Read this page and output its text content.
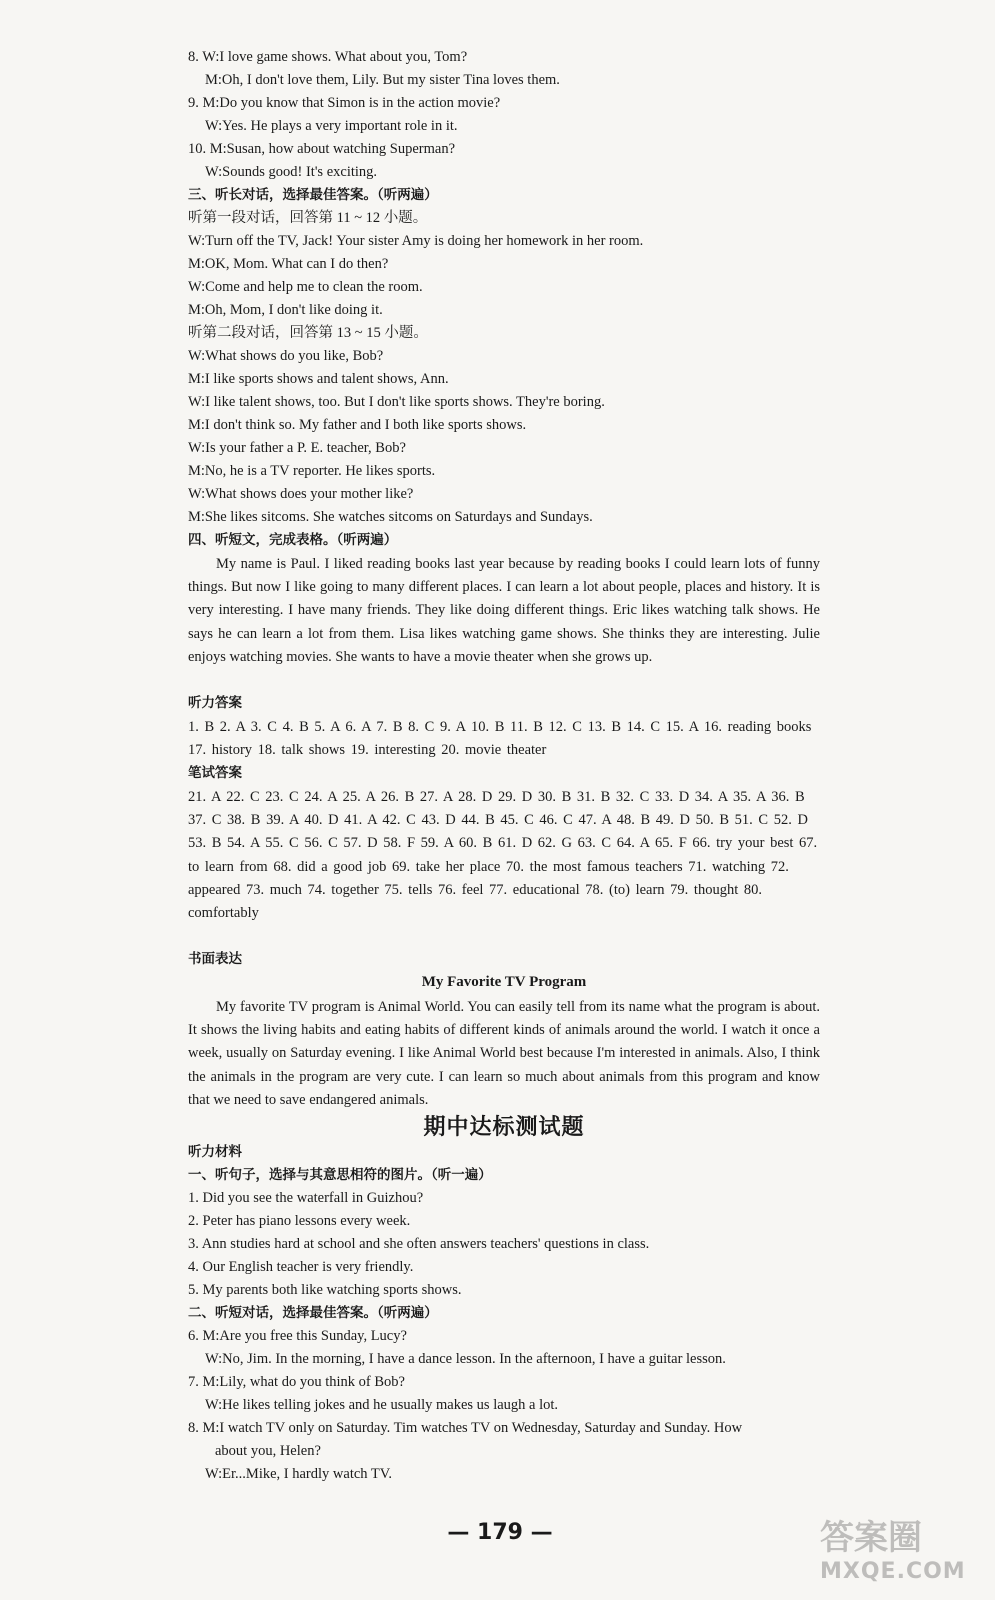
8. W:I love game shows. What about you, Tom?
M:Oh, I don't love them, Lily. But my sister Tina loves them.
9. M:Do you know that Simon is in the action movie?
W:Yes. He plays a very important role in it.
10. M:Susan, how about watching Superman?
W:Sounds good! It's exciting.
三、听长对话，选择最佳答案。（听两遍）
听第一段对话，回答第 11 ~ 12 小题。
W:Turn off the TV, Jack! Your sister Amy is doing her homework in her room.
M:OK, Mom. What can I do then?
W:Come and help me to clean the room.
M:Oh, Mom, I don't like doing it.
听第二段对话，回答第 13 ~ 15 小题。
W:What shows do you like, Bob?
M:I like sports shows and talent shows, Ann.
W:I like talent shows, too. But I don't like sports shows. They're boring.
M:I don't think so. My father and I both like sports shows.
W:Is your father a P. E. teacher, Bob?
M:No, he is a TV reporter. He likes sports.
W:What shows does your mother like?
M:She likes sitcoms. She watches sitcoms on Saturdays and Sundays.
四、听短文，完成表格。（听两遍）
My name is Paul. I liked reading books last year because by reading books I could learn lots of funny things. But now I like going to many different places. I can learn a lot about people, places and history. It is very interesting. I have many friends. They like doing different things. Eric likes watching talk shows. He says he can learn a lot from them. Lisa likes watching game shows. She thinks they are interesting. Julie enjoys watching movies. She wants to have a movie theater when she grows up.
听力答案
1. B 2. A 3. C 4. B 5. A 6. A 7. B 8. C 9. A 10. B 11. B 12. C 13. B 14. C 15. A 16. reading books 17. history 18. talk shows 19. interesting 20. movie theater
笔试答案
21. A 22. C 23. C 24. A 25. A 26. B 27. A 28. D 29. D 30. B 31. B 32. C 33. D 34. A 35. A 36. B 37. C 38. B 39. A 40. D 41. A 42. C 43. D 44. B 45. C 46. C 47. A 48. B 49. D 50. B 51. C 52. D 53. B 54. A 55. C 56. C 57. D 58. F 59. A 60. B 61. D 62. G 63. C 64. A 65. F 66. try your best 67. to learn from 68. did a good job 69. take her place 70. the most famous teachers 71. watching 72. appeared 73. much 74. together 75. tells 76. feel 77. educational 78. (to) learn 79. thought 80. comfortably
书面表达
My Favorite TV Program
My favorite TV program is Animal World. You can easily tell from its name what the program is about. It shows the living habits and eating habits of different kinds of animals around the world. I watch it once a week, usually on Saturday evening. I like Animal World best because I'm interested in animals. Also, I think the animals in the program are very cute. I can learn so much about animals from this program and know that we need to save endangered animals.
期中达标测试题
听力材料
一、听句子，选择与其意思相符的图片。（听一遍）
1. Did you see the waterfall in Guizhou?
2. Peter has piano lessons every week.
3. Ann studies hard at school and she often answers teachers' questions in class.
4. Our English teacher is very friendly.
5. My parents both like watching sports shows.
二、听短对话，选择最佳答案。（听两遍）
6. M:Are you free this Sunday, Lucy?
W:No, Jim. In the morning, I have a dance lesson. In the afternoon, I have a guitar lesson.
7. M:Lily, what do you think of Bob?
W:He likes telling jokes and he usually makes us laugh a lot.
8. M:I watch TV only on Saturday. Tim watches TV on Wednesday, Saturday and Sunday. How
about you, Helen?
W:Er...Mike, I hardly watch TV.
— 179 —	答案圈
MXQE.COM
